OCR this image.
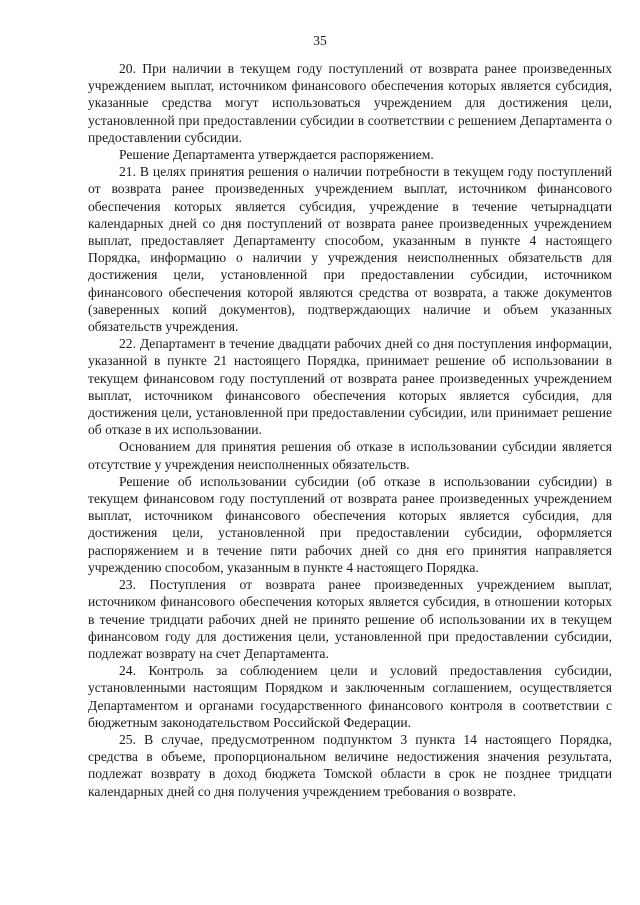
35

20. При наличии в текущем году поступлений от возврата ранее произведенных учреждением выплат, источником финансового обеспечения которых является субсидия, указанные средства могут использоваться учреждением для достижения цели, установленной при предоставлении субсидии в соответствии с решением Департамента о предоставлении субсидии.

Решение Департамента утверждается распоряжением.

21. В целях принятия решения о наличии потребности в текущем году поступлений от возврата ранее произведенных учреждением выплат, источником финансового обеспечения которых является субсидия, учреждение в течение четырнадцати календарных дней со дня поступлений от возврата ранее произведенных учреждением выплат, предоставляет Департаменту способом, указанным в пункте 4 настоящего Порядка, информацию о наличии у учреждения неисполненных обязательств для достижения цели, установленной при предоставлении субсидии, источником финансового обеспечения которой являются средства от возврата, а также документов (заверенных копий документов), подтверждающих наличие и объем указанных обязательств учреждения.

22. Департамент в течение двадцати рабочих дней со дня поступления информации, указанной в пункте 21 настоящего Порядка, принимает решение об использовании в текущем финансовом году поступлений от возврата ранее произведенных учреждением выплат, источником финансового обеспечения которых является субсидия, для достижения цели, установленной при предоставлении субсидии, или принимает решение об отказе в их использовании.

Основанием для принятия решения об отказе в использовании субсидии является отсутствие у учреждения неисполненных обязательств.

Решение об использовании субсидии (об отказе в использовании субсидии) в текущем финансовом году поступлений от возврата ранее произведенных учреждением выплат, источником финансового обеспечения которых является субсидия, для достижения цели, установленной при предоставлении субсидии, оформляется распоряжением и в течение пяти рабочих дней со дня его принятия направляется учреждению способом, указанным в пункте 4 настоящего Порядка.

23. Поступления от возврата ранее произведенных учреждением выплат, источником финансового обеспечения которых является субсидия, в отношении которых в течение тридцати рабочих дней не принято решение об использовании их в текущем финансовом году для достижения цели, установленной при предоставлении субсидии, подлежат возврату на счет Департамента.

24. Контроль за соблюдением цели и условий предоставления субсидии, установленными настоящим Порядком и заключенным соглашением, осуществляется Департаментом и органами государственного финансового контроля в соответствии с бюджетным законодательством Российской Федерации.

25. В случае, предусмотренном подпунктом 3 пункта 14 настоящего Порядка, средства в объеме, пропорциональном величине недостижения значения результата, подлежат возврату в доход бюджета Томской области в срок не позднее тридцати календарных дней со дня получения учреждением требования о возврате.
